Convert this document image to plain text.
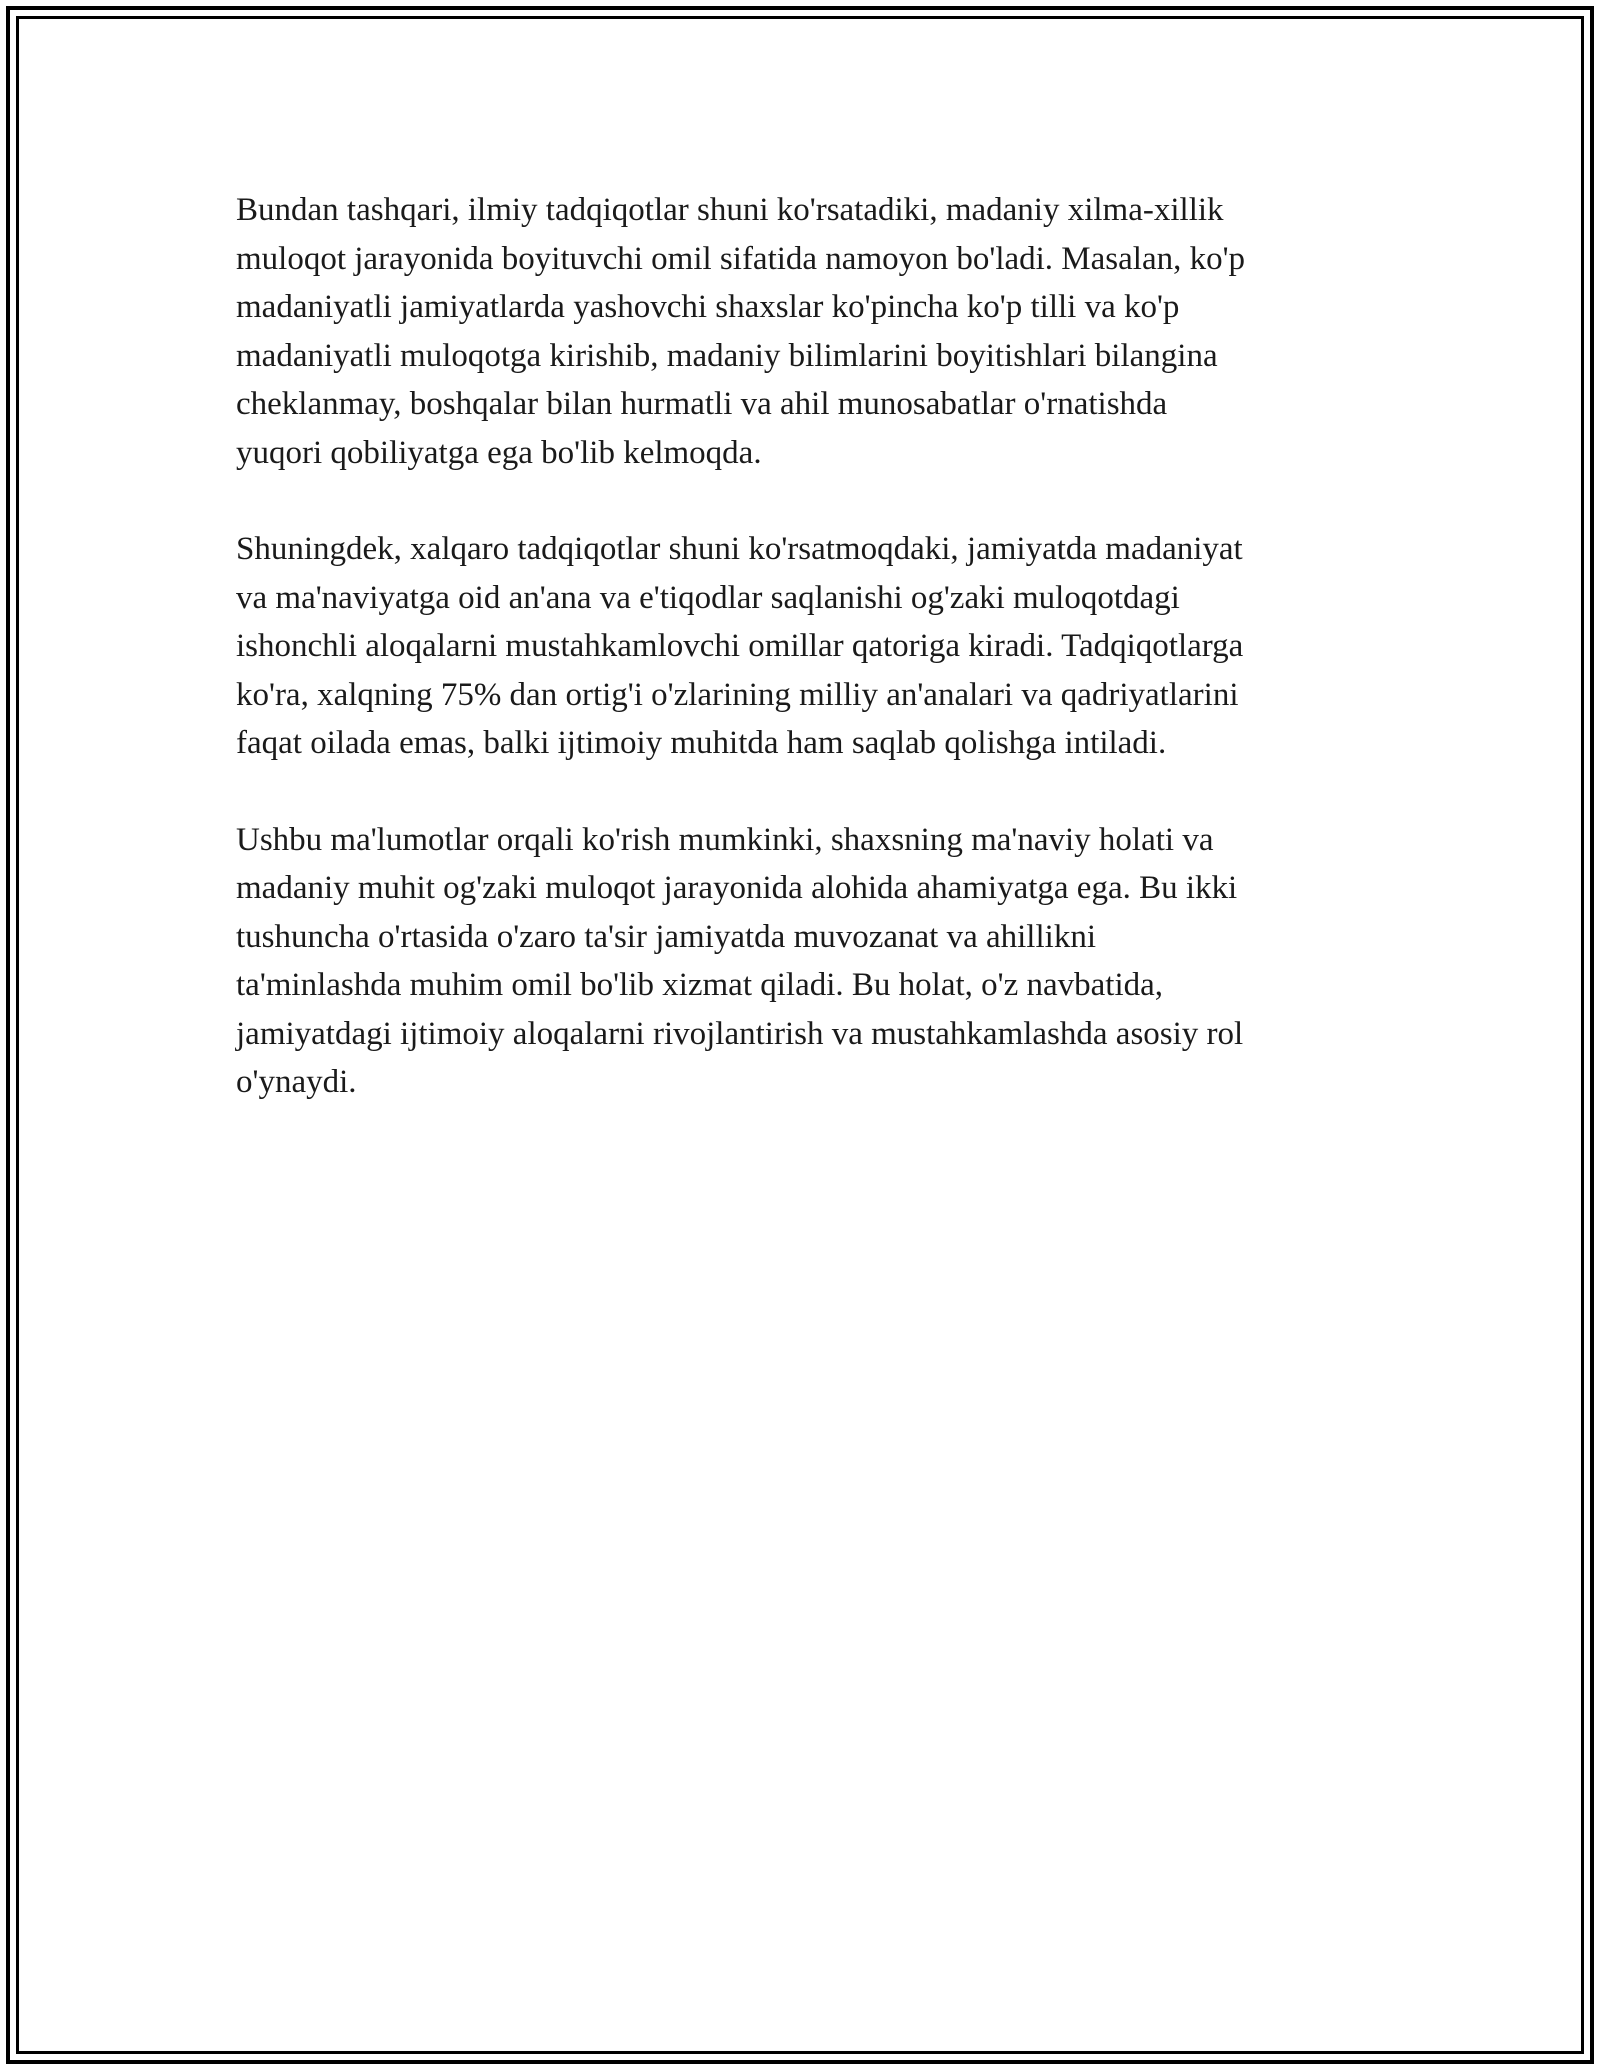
Bundan tashqari, ilmiy tadqiqotlar shuni ko'rsatadiki, madaniy xilma-xillik
muloqot jarayonida boyituvchi omil sifatida namoyon bo'ladi. Masalan, ko'p
madaniyatli jamiyatlarda yashovchi shaxslar ko'pincha ko'p tilli va ko'p
madaniyatli muloqotga kirishib, madaniy bilimlarini boyitishlari bilangina
cheklanmay, boshqalar bilan hurmatli va ahil munosabatlar o'rnatishda
yuqori qobiliyatga ega bo'lib kelmoqda.

Shuningdek, xalqaro tadqiqotlar shuni ko'rsatmoqdaki, jamiyatda madaniyat
va ma'naviyatga oid an'ana va e'tiqodlar saqlanishi og'zaki muloqotdagi
ishonchli aloqalarni mustahkamlovchi omillar qatoriga kiradi. Tadqiqotlarga
ko'ra, xalqning 75% dan ortig'i o'zlarining milliy an'analari va qadriyatlarini
faqat oilada emas, balki ijtimoiy muhitda ham saqlab qolishga intiladi.

Ushbu ma'lumotlar orqali ko'rish mumkinki, shaxsning ma'naviy holati va
madaniy muhit og'zaki muloqot jarayonida alohida ahamiyatga ega. Bu ikki
tushuncha o'rtasida o'zaro ta'sir jamiyatda muvozanat va ahillikni
ta'minlashda muhim omil bo'lib xizmat qiladi. Bu holat, o'z navbatida,
jamiyatdagi ijtimoiy aloqalarni rivojlantirish va mustahkamlashda asosiy rol
o'ynaydi.
